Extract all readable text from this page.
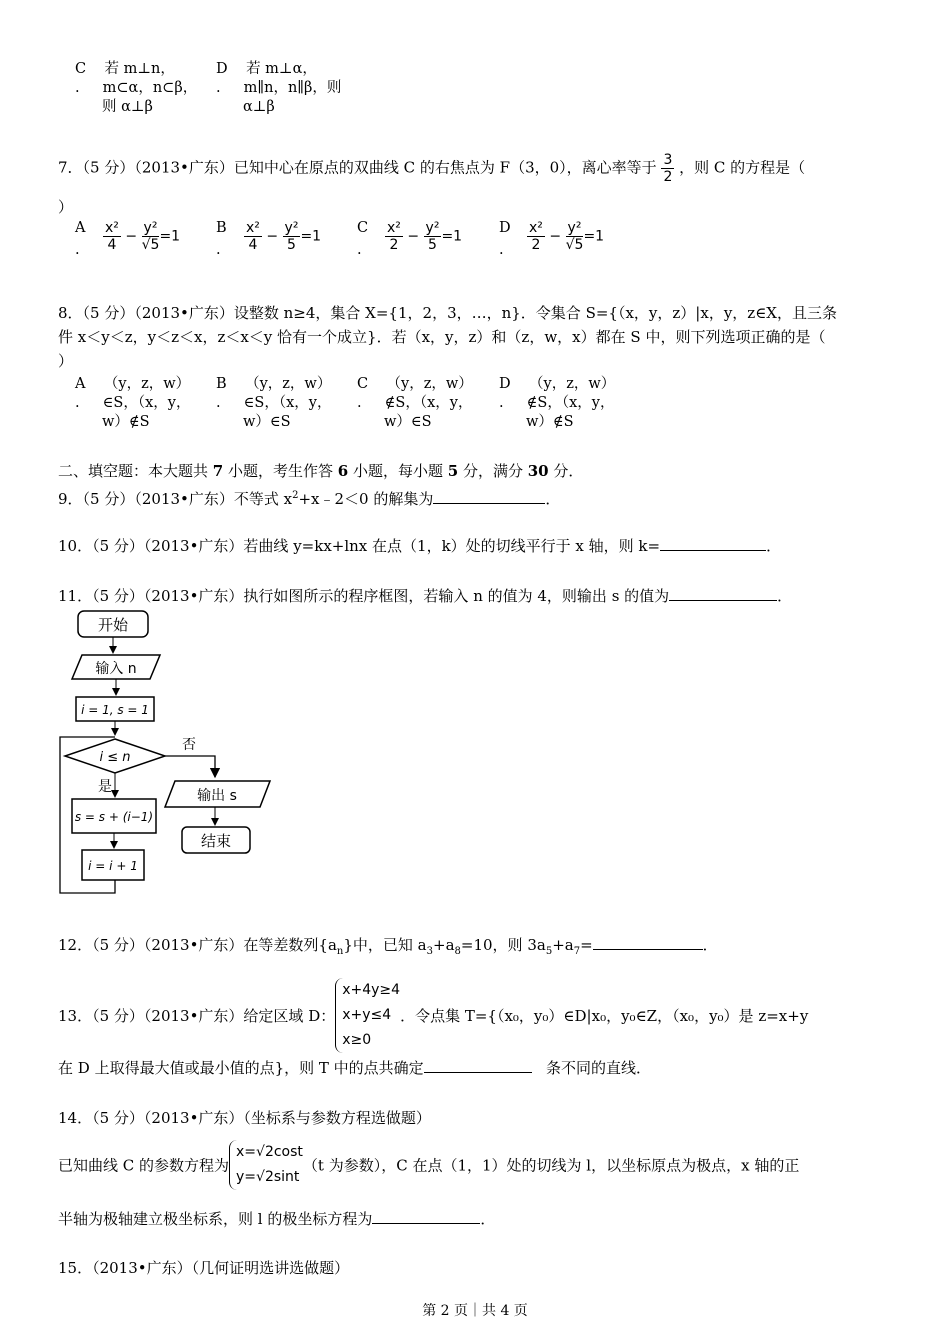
C 若 m⊥n，
.     m⊂α，n⊂β，
则 α⊥β
D 若 m⊥α，
.     m∥n，n∥β，则
α⊥β
7．（5 分）（2013•广东）已知中心在原点的双曲线 C 的右焦点为 F（3，0），离心率等于 $\frac{3}{2}$ ，则 C 的方程是（
）
A
. $\frac{\text{x²}}{4} - \frac{\text{y²}}{√5} =1$
B
. $\frac{\text{x²}}{4} - \frac{\text{y²}}{5} =1$
C
. $\frac{\text{x²}}{2} - \frac{\text{y²}}{5} =1$
D
. $\frac{\text{x²}}{2} - \frac{\text{y²}}{√5} =1$
8．（5 分）（2013•广东）设整数 n≥4，集合 X={1，2，3，…，n}．令集合 S={（x，y，z）|x，y，z∈X，且三条
件 x＜y＜z，y＜z＜x，z＜x＜y 恰有一个成立}．若（x，y，z）和（z，w，x）都在 S 中，则下列选项正确的是（
）
A    （y，z，w）
.     ∈S，（x，y，
w）∉S
B    （y，z，w）
.     ∈S，（x，y，
w）∈S
C    （y，z，w）
.     ∉S，（x，y，
w）∈S
D    （y，z，w）
.     ∉S，（x，y，
w）∉S
二、填空题：本大题共 7 小题，考生作答 6 小题，每小题 5 分，满分 30 分．
9．（5 分）（2013•广东）不等式 $x^2+x﹣2<0$ 的解集为	．
10．（5 分）（2013•广东）若曲线 y=kx+lnx 在点（1，k）处的切线平行于 x 轴，则 k=	．
11．（5 分）（2013•广东）执行如图所示的程序框图，若输入 n 的值为 4，则输出 s 的值为	．
开始
输入 n
i = 1, s = 1
i ≤ n
否
输出 s
结束
是
s = s + (i−1)
i = i + 1
12．（5 分）（2013•广东）在等差数列$\{a_n\}$中，已知 $a_3+a_8=10$，则 $3a_5+a_7=$	．
13．（5 分）（2013•广东）给定区域 D：
x+4y≥4
x+y≤4
x≥0
．令点集 T={（x₀，y₀）∈D|x₀，y₀∈Z，（x₀，y₀）是 z=x+y
在 D 上取得最大值或最小值的点}，则 T 中的点共确定	条不同的直线．
14．（5 分）（2013•广东）（坐标系与参数方程选做题）
已知曲线 C 的参数方程为
x=√2cost
y=√2sint
（t 为参数），C 在点（1，1）处的切线为 l，以坐标原点为极点，x 轴的正
半轴为极轴建立极坐标系，则 l 的极坐标方程为	．
15．（2013•广东）（几何证明选讲选做题）
第 2 页｜共 4 页
